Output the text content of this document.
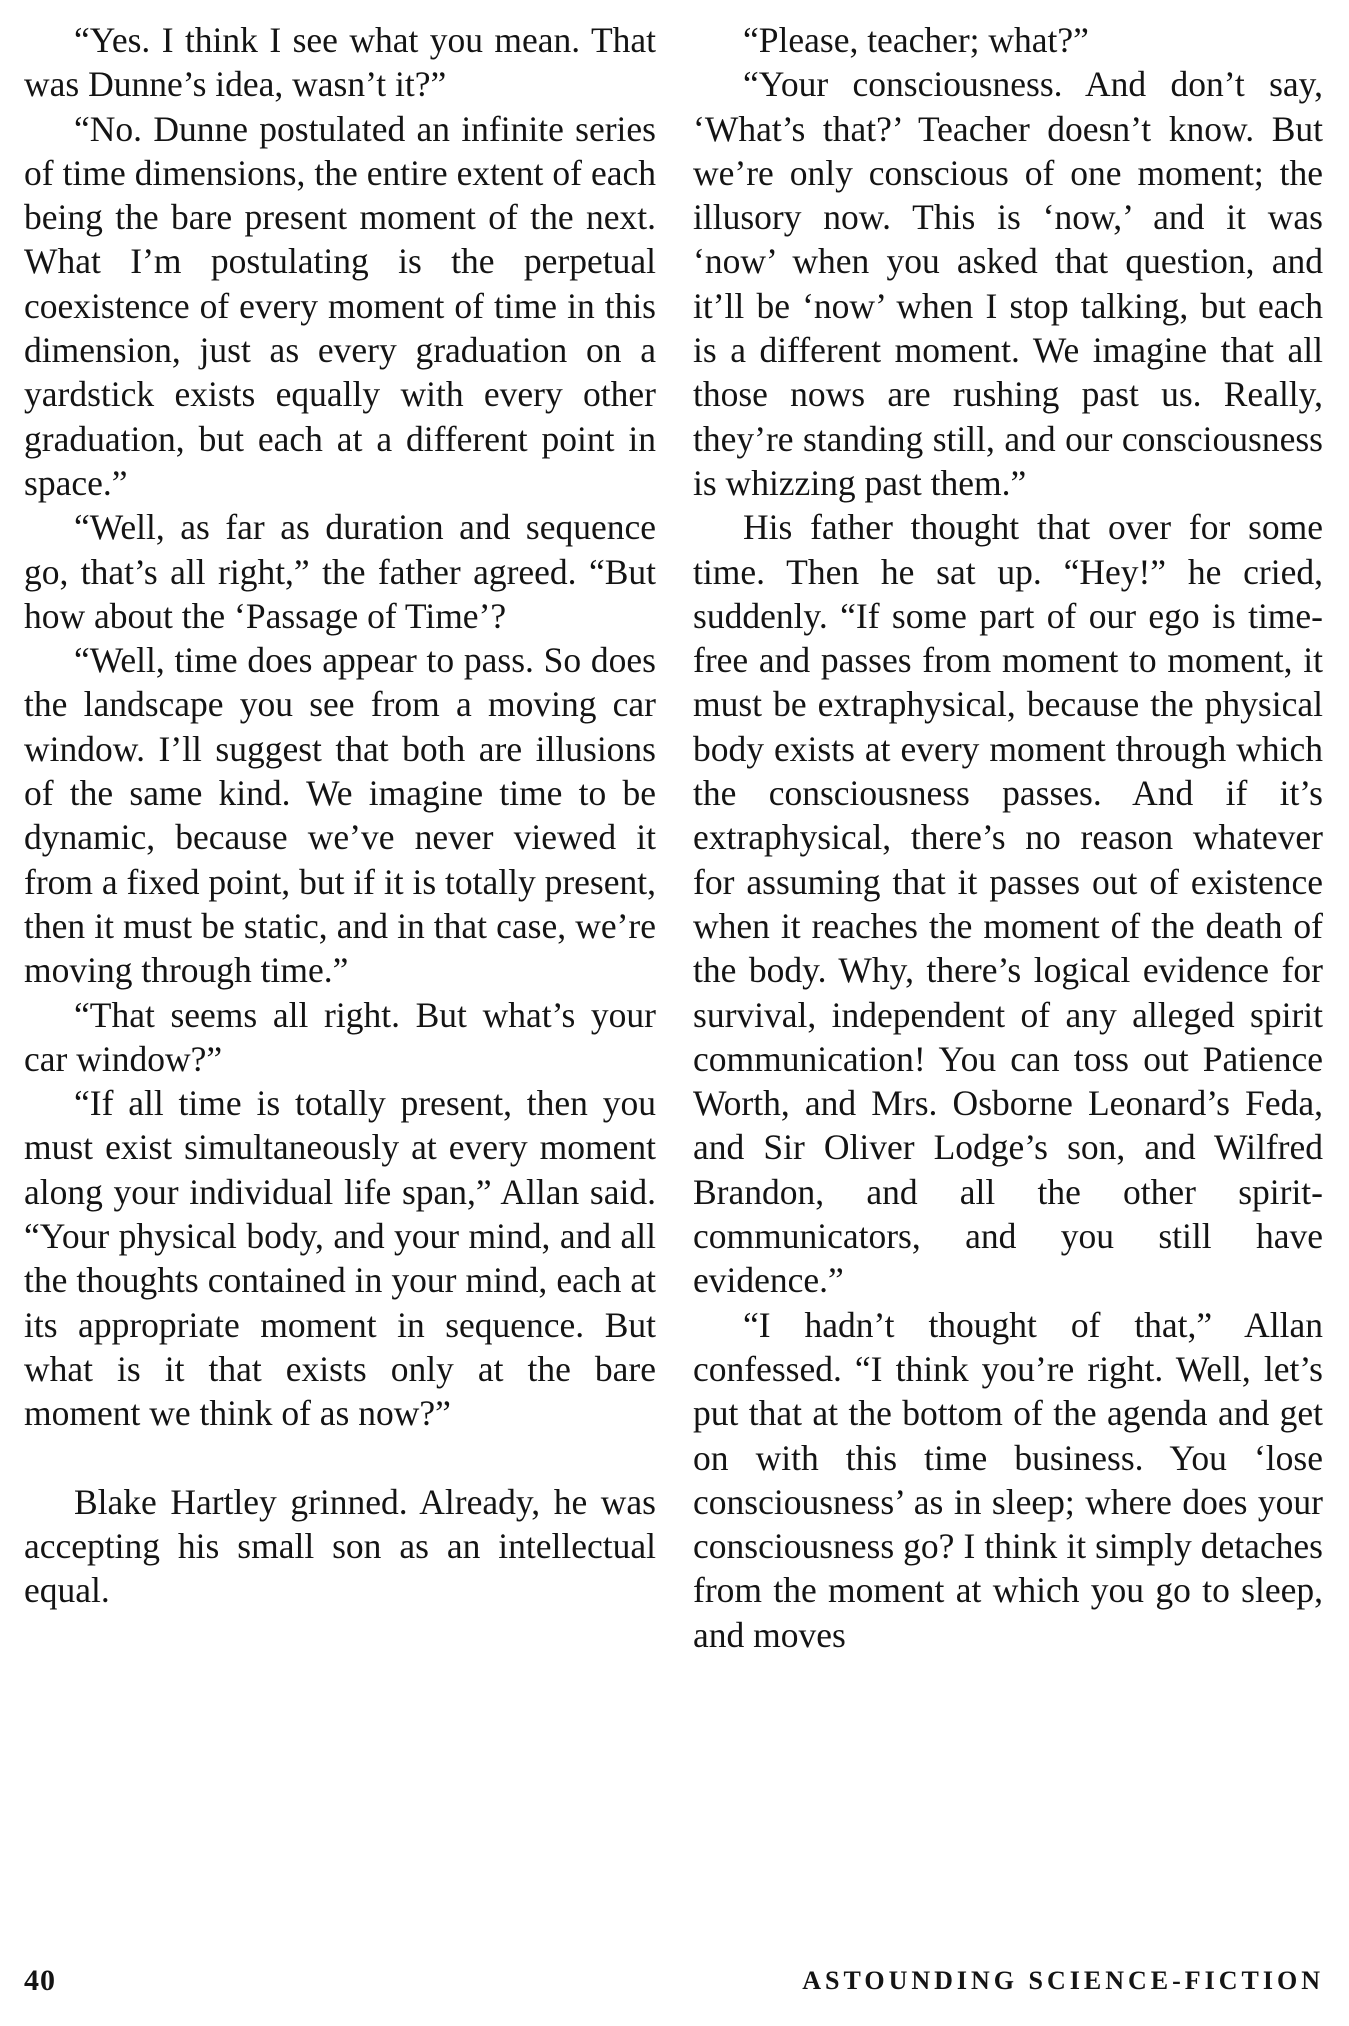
“Yes. I think I see what you mean. That was Dunne’s idea, wasn’t it?”

“No. Dunne postulated an infinite series of time dimensions, the entire extent of each being the bare present moment of the next. What I’m postulating is the perpetual coexistence of every moment of time in this dimension, just as every graduation on a yardstick exists equally with every other graduation, but each at a different point in space.”

“Well, as far as duration and sequence go, that’s all right,” the father agreed. “But how about the ‘Passage of Time’?

“Well, time does appear to pass. So does the landscape you see from a moving car window. I’ll suggest that both are illusions of the same kind. We imagine time to be dynamic, because we’ve never viewed it from a fixed point, but if it is totally present, then it must be static, and in that case, we’re moving through time.”

“That seems all right. But what’s your car window?”

“If all time is totally present, then you must exist simultaneously at every moment along your individual life span,” Allan said. “Your physical body, and your mind, and all the thoughts contained in your mind, each at its appropriate moment in sequence. But what is it that exists only at the bare moment we think of as now?”

Blake Hartley grinned. Already, he was accepting his small son as an intellectual equal.

“Please, teacher; what?”

“Your consciousness. And don’t say, ‘What’s that?’ Teacher doesn’t know. But we’re only conscious of one moment; the illusory now. This is ‘now,’ and it was ‘now’ when you asked that question, and it’ll be ‘now’ when I stop talking, but each is a different moment. We imagine that all those nows are rushing past us. Really, they’re standing still, and our consciousness is whizzing past them.”

His father thought that over for some time. Then he sat up. “Hey!” he cried, suddenly. “If some part of our ego is time-free and passes from moment to moment, it must be extraphysical, because the physical body exists at every moment through which the consciousness passes. And if it’s extraphysical, there’s no reason whatever for assuming that it passes out of existence when it reaches the moment of the death of the body. Why, there’s logical evidence for survival, independent of any alleged spirit communication! You can toss out Patience Worth, and Mrs. Osborne Leonard’s Feda, and Sir Oliver Lodge’s son, and Wilfred Brandon, and all the other spirit-communicators, and you still have evidence.”

“I hadn’t thought of that,” Allan confessed. “I think you’re right. Well, let’s put that at the bottom of the agenda and get on with this time business. You ‘lose consciousness’ as in sleep; where does your consciousness go? I think it simply detaches from the moment at which you go to sleep, and moves

40	ASTOUNDING SCIENCE-FICTION
